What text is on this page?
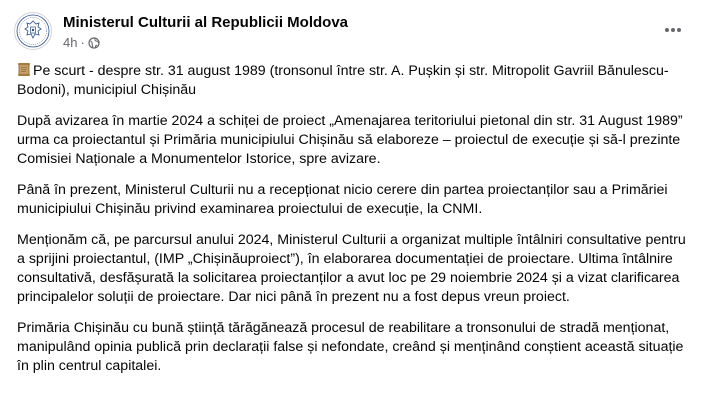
Ministerul Culturii al Republicii Moldova
4h ·

Pe scurt - despre str. 31 august 1989 (tronsonul între str. A. Pușkin și str. Mitropolit Gavriil Bănulescu-Bodoni), municipiul Chișinău

După avizarea în martie 2024 a schiței de proiect „Amenajarea teritoriului pietonal din str. 31 August 1989” urma ca proiectantul și Primăria municipiului Chișinău să elaboreze – proiectul de execuție și să-l prezinte Comisiei Naționale a Monumentelor Istorice, spre avizare.

Până în prezent, Ministerul Culturii nu a recepționat nicio cerere din partea proiectanților sau a Primăriei municipiului Chișinău privind examinarea proiectului de execuție, la CNMI.

Menționăm că, pe parcursul anului 2024, Ministerul Culturii a organizat multiple întâlniri consultative pentru a sprijini proiectantul, (IMP „Chișinăuproiect”), în elaborarea documentației de proiectare. Ultima întâlnire consultativă, desfășurată la solicitarea proiectanților a avut loc pe 29 noiembrie 2024 și a vizat clarificarea principalelor soluții de proiectare. Dar nici până în prezent nu a fost depus vreun proiect.

Primăria Chișinău cu bună știință tărăgănează procesul de reabilitare a tronsonului de stradă menționat, manipulând opinia publică prin declarații false și nefondate, creând și menținând conștient această situație în plin centrul capitalei.
